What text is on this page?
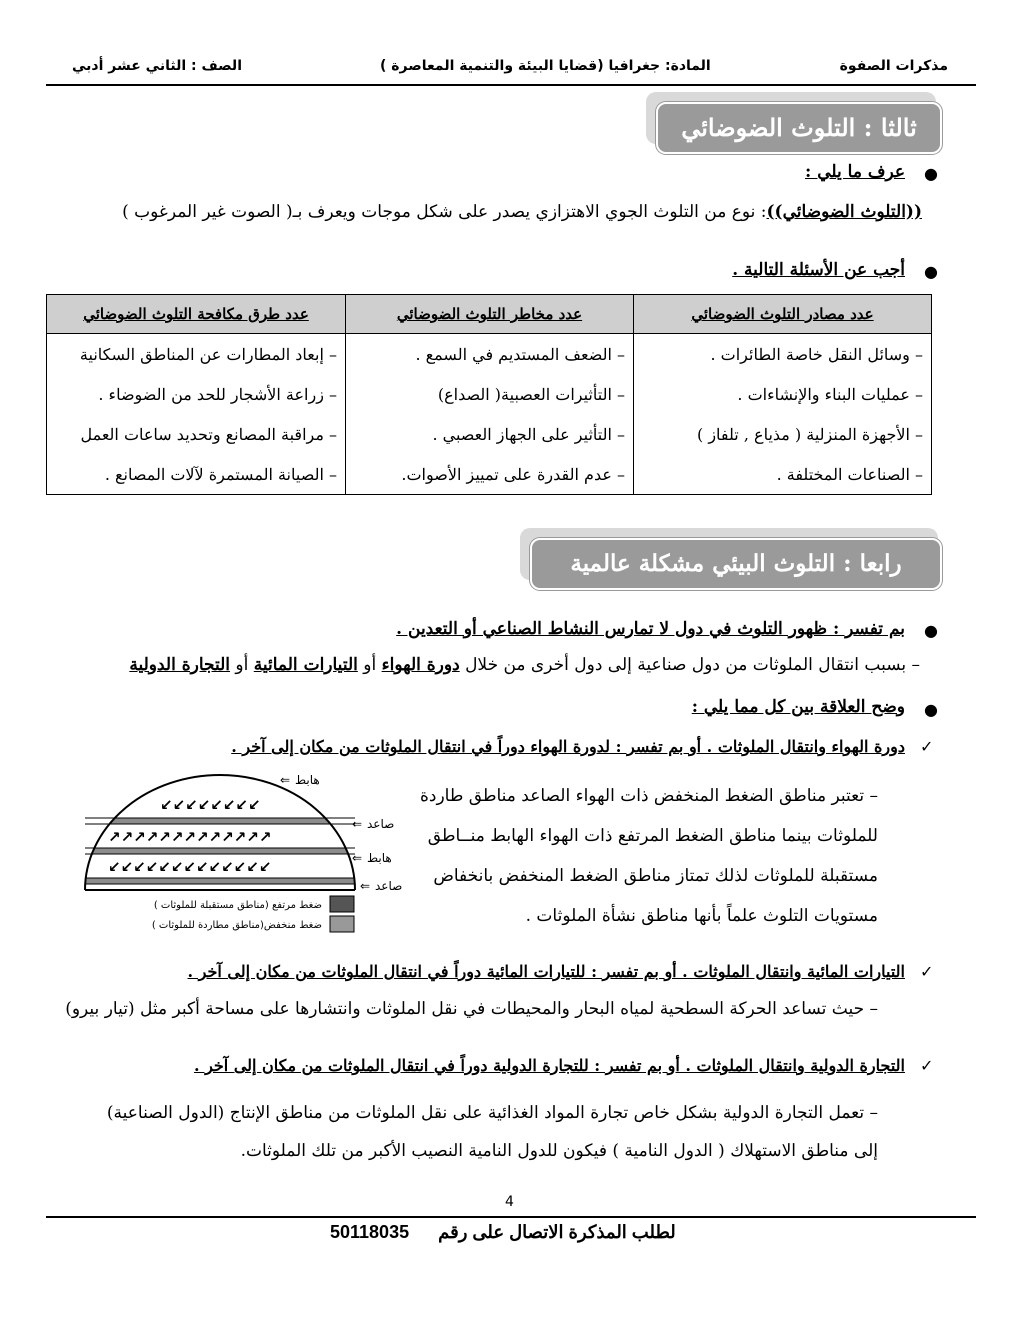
مذكرات الصفوة
المادة: جغرافيا (قضايا البيئة والتنمية المعاصرة )
الصف : الثاني عشر أدبي
ثالثا : التلوث الضوضائي
●
عرف ما يلي :
((التلوث الضوضائي)): نوع من التلوث الجوي الاهتزازي يصدر على شكل موجات ويعرف بـ( الصوت غير المرغوب )
●
أجب عن الأسئلة التالية .
عدد مصادر التلوث الضوضائي	عدد مخاطر التلوث الضوضائي	عدد طرق مكافحة التلوث الضوضائي
– وسائل النقل خاصة الطائرات .	– الضعف المستديم في السمع .	– إبعاد المطارات عن المناطق السكانية
– عمليات البناء والإنشاءات .	– التأثيرات العصبية( الصداع)	– زراعة الأشجار للحد من الضوضاء .
– الأجهزة المنزلية ( مذياع , تلفاز )	– التأثير على الجهاز العصبي .	– مراقبة المصانع وتحديد ساعات العمل
– الصناعات المختلفة .	– عدم القدرة على تمييز الأصوات.	– الصيانة المستمرة لآلات المصانع .
رابعا : التلوث البيئي مشكلة عالمية
●
بم تفسر : ظهور التلوث في دول لا تمارس النشاط الصناعي أو التعدين .
– بسبب انتقال الملوثات من دول صناعية إلى دول أخرى من خلال دورة الهواء أو التيارات المائية أو التجارة الدولية
●
وضح العلاقة بين كل مما يلي :
✓
دورة الهواء وانتقال الملوثات . أو بم تفسر : لدورة الهواء دوراً في انتقال الملوثات من مكان إلى آخر .
– تعتبر مناطق الضغط المنخفض ذات الهواء الصاعد مناطق طاردة
للملوثات بينما مناطق الضغط المرتفع ذات الهواء الهابط منــاطق
مستقبلة للملوثات لذلك تمتاز مناطق الضغط المنخفض بانخفاض
مستويات التلوث علماً بأنها مناطق نشأة الملوثات .
↙↙↙↙↙↙↙↙
↗↗↗↗↗↗↗↗↗↗↗↗↗
↙↙↙↙↙↙↙↙↙↙↙↙↙
⇐ هابط
⇐ صاعد
⇐ هابط
⇐ صاعد
ضغط مرتفع (مناطق مستقبلة للملوثات )
ضغط منخفض(مناطق مطاردة للملوثات )
✓
التيارات المائية وانتقال الملوثات . أو بم تفسر : للتيارات المائية دوراً في انتقال الملوثات من مكان إلى آخر .
– حيث تساعد الحركة السطحية لمياه البحار والمحيطات في نقل الملوثات وانتشارها على مساحة أكبر مثل (تيار بيرو)
✓
التجارة الدولية وانتقال الملوثات . أو بم تفسر : للتجارة الدولية دوراً في انتقال الملوثات من مكان إلى آخر .
– تعمل التجارة الدولية بشكل خاص تجارة المواد الغذائية على نقل الملوثات من مناطق الإنتاج (الدول الصناعية)
إلى مناطق الاستهلاك ( الدول النامية ) فيكون للدول النامية النصيب الأكبر من تلك الملوثات.
4
50118035 لطلب المذكرة الاتصال على رقم
